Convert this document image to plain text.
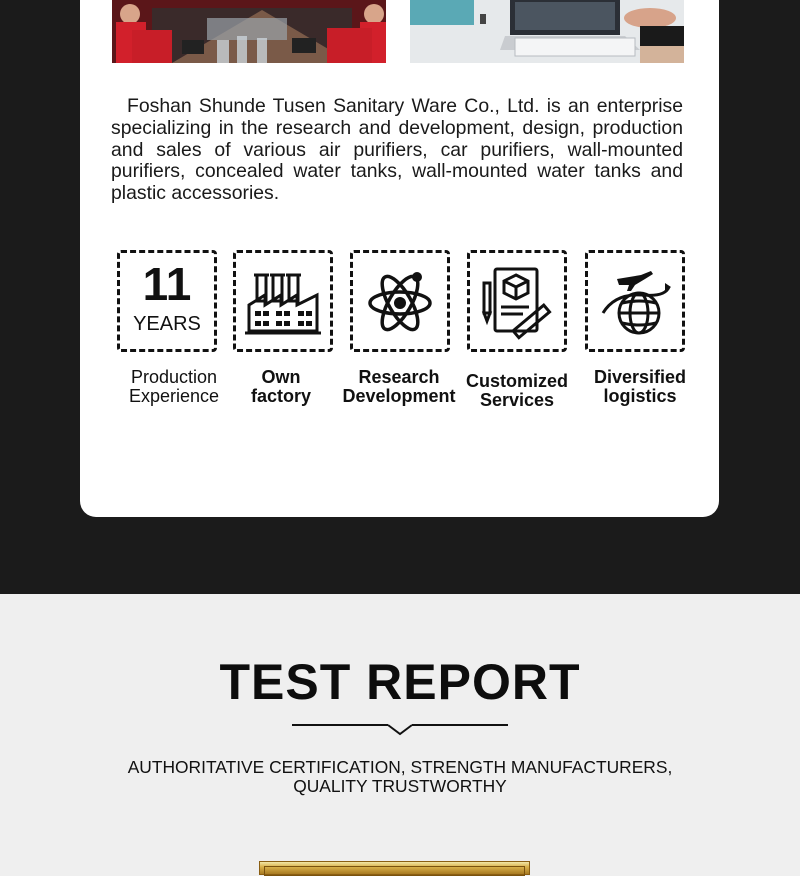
Foshan Shunde Tusen Sanitary Ware Co., Ltd. is an enterprise specializing in the research and development, design, production and sales of various air purifiers, car purifiers, wall-mounted purifiers, concealed water tanks, wall-mounted water tanks and plastic accessories.

11
YEARS
Production
Experience
Own
factory
Research
Development
Customized
Services
Diversified
logistics
TEST REPORT
AUTHORITATIVE CERTIFICATION, STRENGTH MANUFACTURERS, QUALITY TRUSTWORTHY
